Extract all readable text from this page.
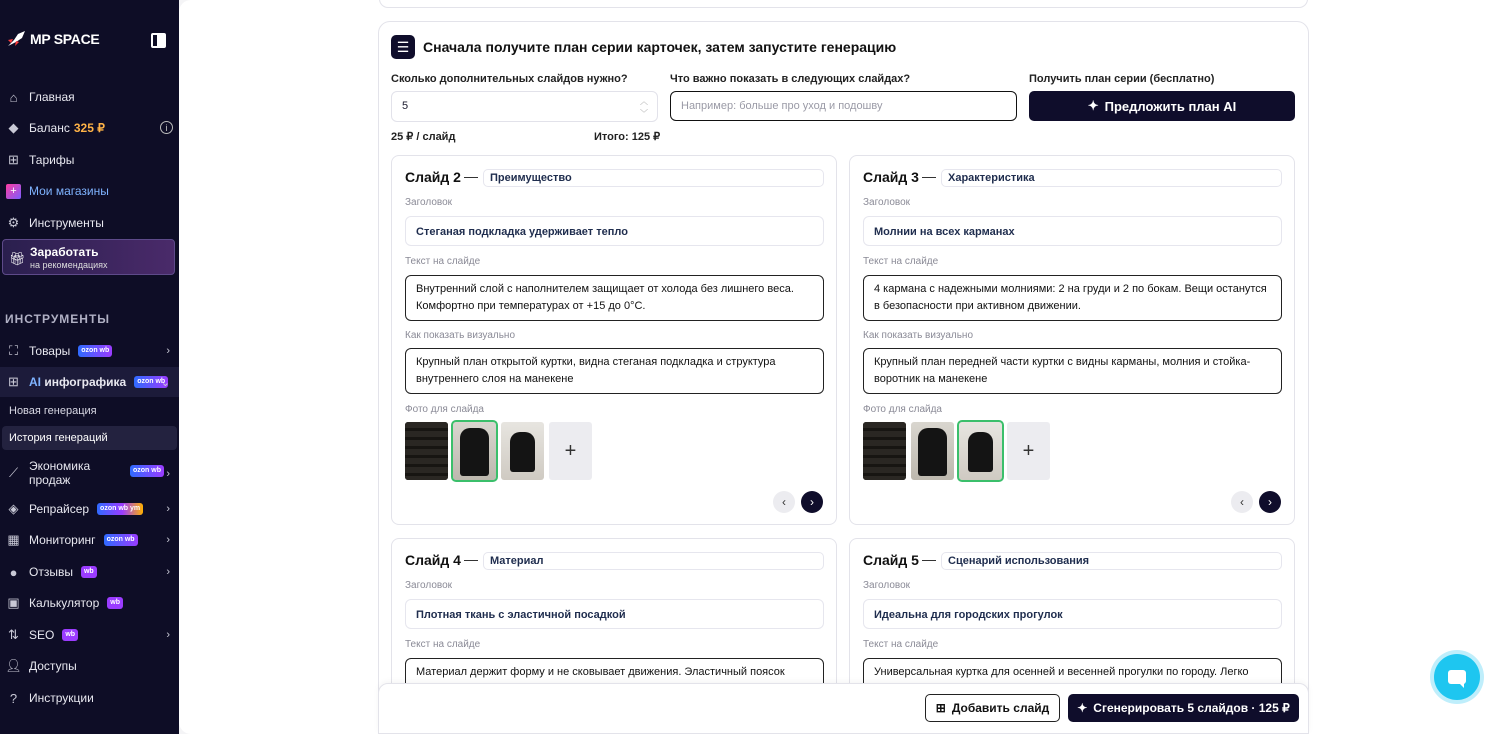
MP SPACE
⌂ Главная
◆ Баланс 325 ₽	i
⊞ Тарифы
+	Мои магазины
⚙ Инструменты
🎁︎ Заработать
на рекомендациях
ИНСТРУМЕНТЫ
⛶ Товары	ozon wb	›
⊞ AI инфографика	ozon wb
⌄
Новая генерация
История генераций
⟋ Экономика
продаж
ozon wb ›
◈ Репрайсер	ozon wb ym ›
▦ Мониторинг	ozon wb	›
● Отзывы	wb	›
▣ Калькулятор	wb
⇅ SEO	wb	›
👤︎ Доступы
? Инструкции
☰ Сначала получите план серии карточек, затем запустите генерацию
Сколько дополнительных слайдов нужно?
5	︿
﹀
25 ₽ / слайд	Итого: 125 ₽
Что важно показать в следующих слайдах?
Например: больше про уход и подошву
Получить план серии (бесплатно)
✦ Предложить план AI
Слайд 2	Преимущество
Заголовок
Стеганая подкладка удерживает тепло
Текст на слайде
Внутренний слой с наполнителем защищает от холода без лишнего веса. Комфортно при температурах от +15 до 0°C.
Как показать визуально
Крупный план открытой куртки, видна стеганая подкладка и структура внутреннего слоя на манекене
Фото для слайда
+
‹	›
Слайд 3	Характеристика
Заголовок
Молнии на всех карманах
Текст на слайде
4 кармана с надежными молниями: 2 на груди и 2 по бокам. Вещи останутся в безопасности при активном движении.
Как показать визуально
Крупный план передней части куртки с видны карманы, молния и стойка-воротник на манекене
Фото для слайда
+
‹	›
Слайд 4	Материал
Заголовок
Плотная ткань с эластичной посадкой
Текст на слайде
Материал держит форму и не сковывает движения. Эластичный поясок
Слайд 5	Сценарий использования
Заголовок
Идеальна для городских прогулок
Текст на слайде
Универсальная куртка для осенней и весенней прогулки по городу. Легко
⊞ Добавить слайд ✦ Сгенерировать 5 слайдов · 125 ₽
